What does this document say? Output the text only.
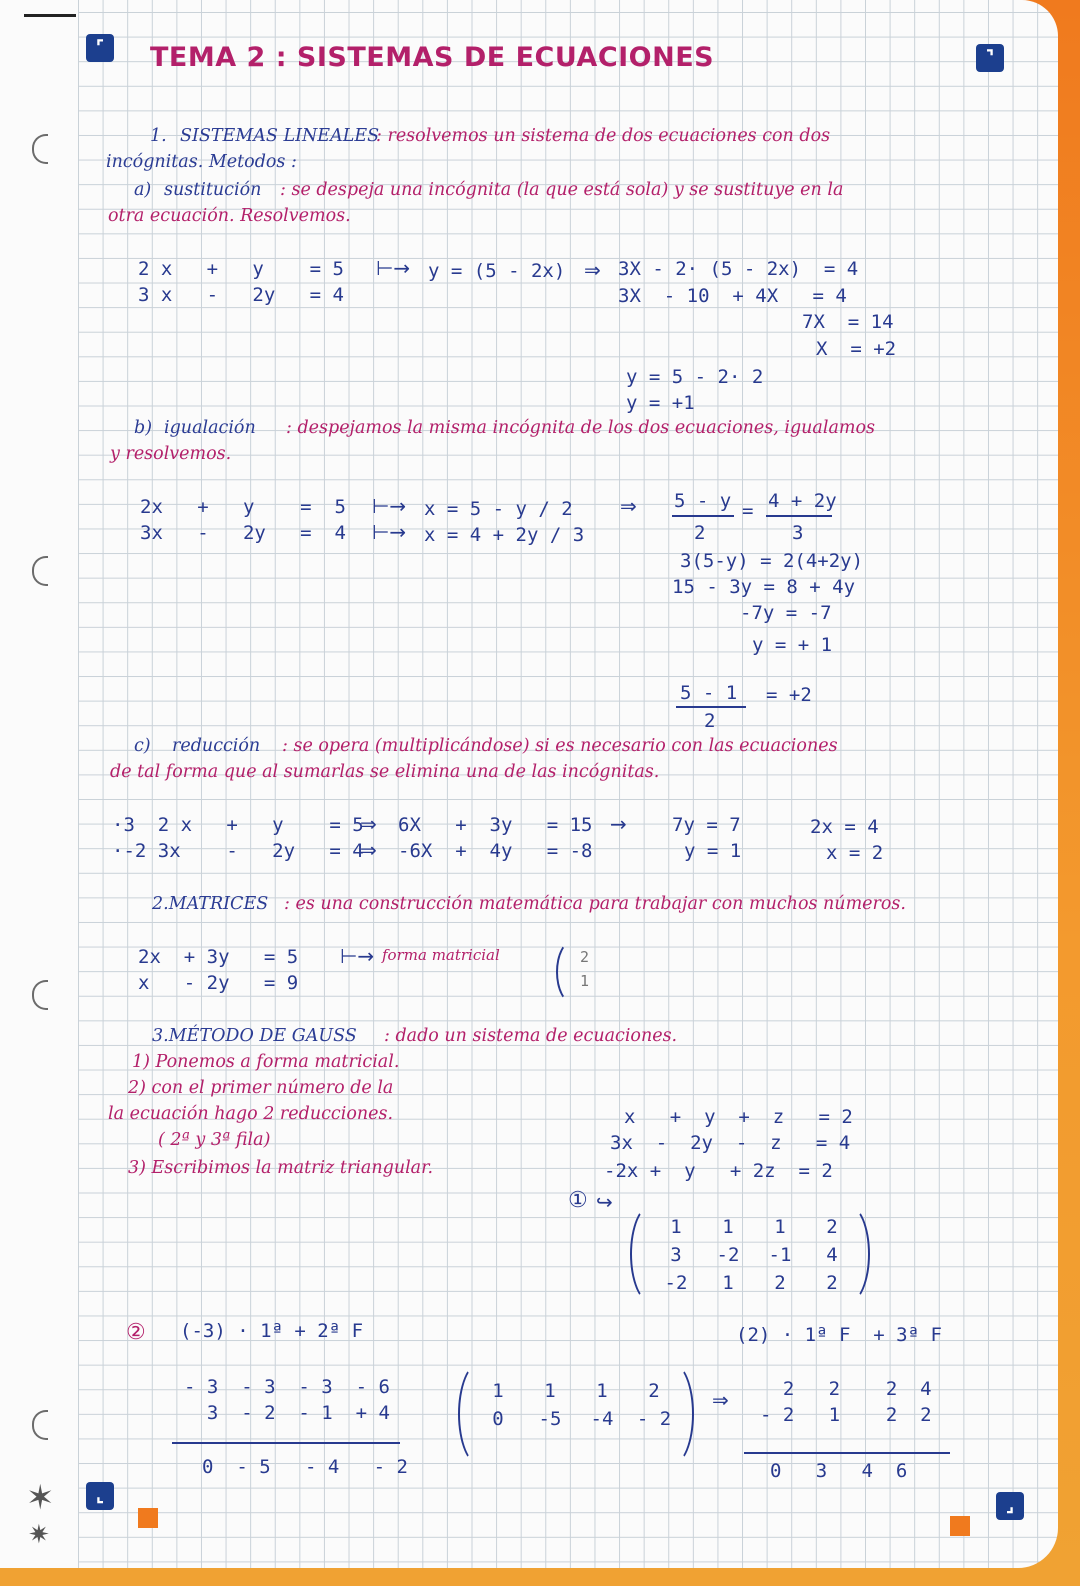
✶
✷
⌜	⌝
⌞	⌟
TEMA 2 : SISTEMAS DE ECUACIONES
1. SISTEMAS LINEALES
: resolvemos un sistema de dos ecuaciones con dos
incógnitas. Metodos :
a) sustitución : se despeja una incógnita (la que está sola) y se sustituye en la
otra ecuación. Resolvemos.
2 x   +   y    = 5
3 x   -   2y   = 4
⊢→ y = (5 - 2x) ⇒ 3X - 2· (5 - 2x)  = 4
3X  - 10  + 4X   = 4
7X  = 14
X  = +2
y = 5 - 2· 2
y = +1
b) igualación : despejamos la misma incógnita de los dos ecuaciones, igualamos
y resolvemos.
2x   +   y    =  5
3x   -   2y   =  4
⊢→
⊢→
x = 5 - y / 2
x = 4 + 2y / 3
⇒ 5 - y
2
= 4 + 2y
3
3(5-y) = 2(4+2y)
15 - 3y = 8 + 4y
-7y = -7
y = + 1
5 - 1
2
= +2
c) reducción : se opera (multiplicándose) si es necesario con las ecuaciones
de tal forma que al sumarlas se elimina una de las incógnitas.
·3  2 x   +   y    = 5
·-2 3x    -   2y   = 4
⇒
⇒
6X   +  3y   = 15
-6X  +  4y   = -8
→ 7y = 7
y = 1
2x = 4
x = 2
2.MATRICES : es una construcción matemática para trabajar con muchos números.
2x  + 3y   = 5
x   - 2y   = 9
⊢→ forma matricial	2
1
3.MÉTODO DE GAUSS : dado un sistema de ecuaciones.
1) Ponemos a forma matricial.
2) con el primer número de la
la ecuación hago 2 reducciones.
( 2ª y 3ª fila)
3) Escribimos la matriz triangular.
x   +  y  +  z   = 2
3x  -  2y  -  z   = 4
-2x +  y   + 2z  = 2
① ↪
1	1	1	2
3	-2	-1	4
-2	1	2	2
② (-3) · 1ª + 2ª F
- 3  - 3  - 3  - 6
3  - 2  - 1  + 4
0  - 5   - 4   - 2
1	1	1	2
0	-5	-4	- 2
⇒
(2) · 1ª F  + 3ª F
2   2    2  4
- 2   1    2  2
0   3   4  6
